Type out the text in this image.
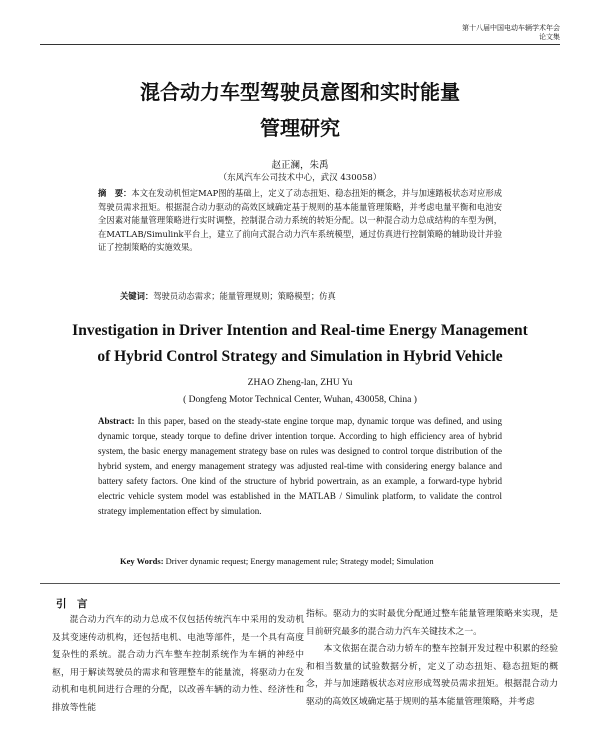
第十八届中国电动车辆学术年会
论文集
混合动力车型驾驶员意图和实时能量
管理研究
赵正澜，朱禹
（东风汽车公司技术中心，武汉 430058）
摘　要：本文在发动机恒定MAP图的基础上，定义了动态扭矩、稳态扭矩的概念，并与加速踏板状态对应形成驾驶员需求扭矩。根据混合动力驱动的高效区域确定基于规则的基本能量管理策略，并考虑电量平衡和电池安全因素对能量管理策略进行实时调整，控制混合动力系统的转矩分配。以一种混合动力总成结构的车型为例，在MATLAB/Simulink平台上，建立了前向式混合动力汽车系统模型，通过仿真进行控制策略的辅助设计并验证了控制策略的实施效果。
关键词：驾驶员动态需求；能量管理规则；策略模型；仿真
Investigation in Driver Intention and Real-time Energy Management
of Hybrid Control Strategy and Simulation in Hybrid Vehicle
ZHAO Zheng-lan, ZHU Yu
( Dongfeng Motor Technical Center, Wuhan, 430058, China )
Abstract: In this paper, based on the steady-state engine torque map, dynamic torque was defined, and using dynamic torque, steady torque to define driver intention torque. According to high efficiency area of hybrid system, the basic energy management strategy base on rules was designed to control torque distribution of the hybrid system, and energy management strategy was adjusted real-time with considering energy balance and battery safety factors. One kind of the structure of hybrid powertrain, as an example, a forward-type hybrid electric vehicle system model was established in the MATLAB / Simulink platform, to validate the control strategy implementation effect by simulation.
Key Words: Driver dynamic request; Energy management rule; Strategy model; Simulation
引　言

混合动力汽车的动力总成不仅包括传统汽车中采用的发动机及其变速传动机构，还包括电机、电池等部件，是一个具有高度复杂性的系统。混合动力汽车整车控制系统作为车辆的神经中枢，用于解读驾驶员的需求和管理整车的能量流，将驱动力在发动机和电机间进行合理的分配，以改善车辆的动力性、经济性和排放等性能

指标。驱动力的实时最优分配通过整车能量管理策略来实现，是目前研究最多的混合动力汽车关键技术之一。

本文依据在混合动力轿车的整车控制开发过程中积累的经验和相当数量的试验数据分析，定义了动态扭矩、稳态扭矩的概念，并与加速踏板状态对应形成驾驶员需求扭矩。根据混合动力驱动的高效区域确定基于规则的基本能量管理策略，并考虑
